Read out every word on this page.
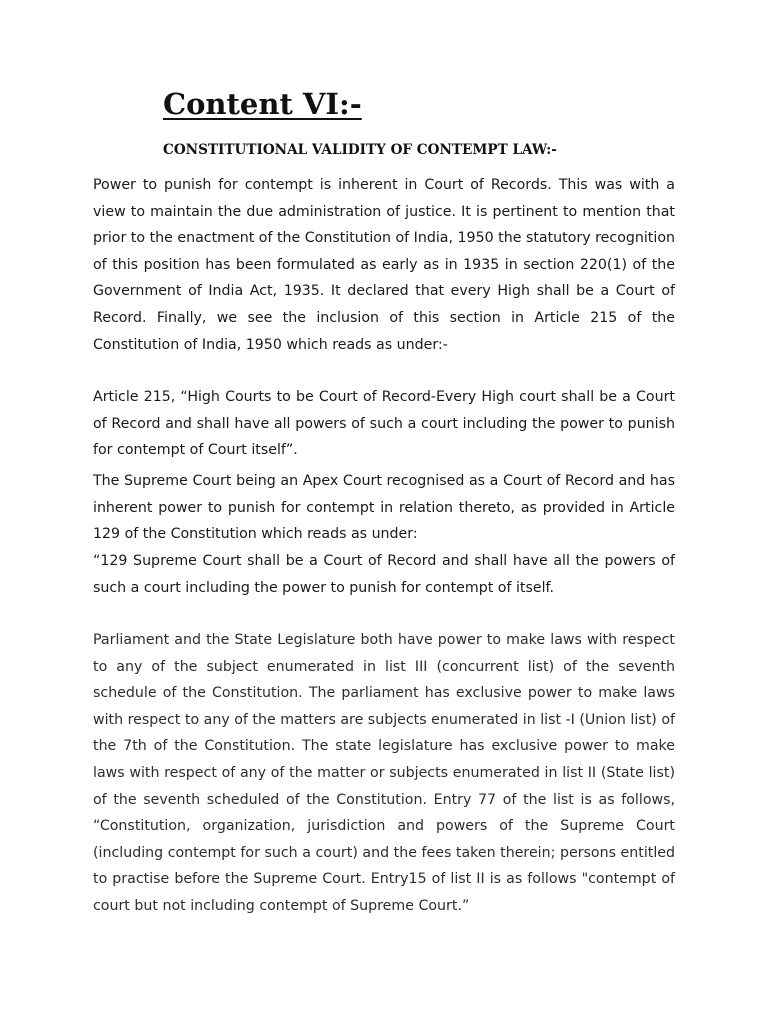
Content VI:-
CONSTITUTIONAL VALIDITY OF CONTEMPT LAW:-

Power to punish for contempt is inherent in Court of Records. This was with a view to maintain the due administration of justice. It is pertinent to mention that prior to the enactment of the Constitution of India, 1950 the statutory recognition of this position has been formulated as early as in 1935 in section 220(1) of the Government of India Act, 1935. It declared that every High shall be a Court of Record. Finally, we see the inclusion of this section in Article 215 of the Constitution of India, 1950 which reads as under:-

Article 215, “High Courts to be Court of Record-Every High court shall be a Court of Record and shall have all powers of such a court including the power to punish for contempt of Court itself”.

The Supreme Court being an Apex Court recognised as a Court of Record and has inherent power to punish for contempt in relation thereto, as provided in Article 129 of the Constitution which reads as under:

“129 Supreme Court shall be a Court of Record and shall have all the powers of such a court including the power to punish for contempt of itself.

Parliament and the State Legislature both have power to make laws with respect to any of the subject enumerated in list III (concurrent list) of the seventh schedule of the Constitution. The parliament has exclusive power to make laws with respect to any of the matters are subjects enumerated in list -I (Union list) of the 7th of the Constitution. The state legislature has exclusive power to make laws with respect of any of the matter or subjects enumerated in list II (State list) of the seventh scheduled of the Constitution. Entry 77 of the list is as follows, “Constitution, organization, jurisdiction and powers of the Supreme Court (including contempt for such a court) and the fees taken therein; persons entitled to practise before the Supreme Court. Entry15 of list II is as follows "contempt of court but not including contempt of Supreme Court.”
